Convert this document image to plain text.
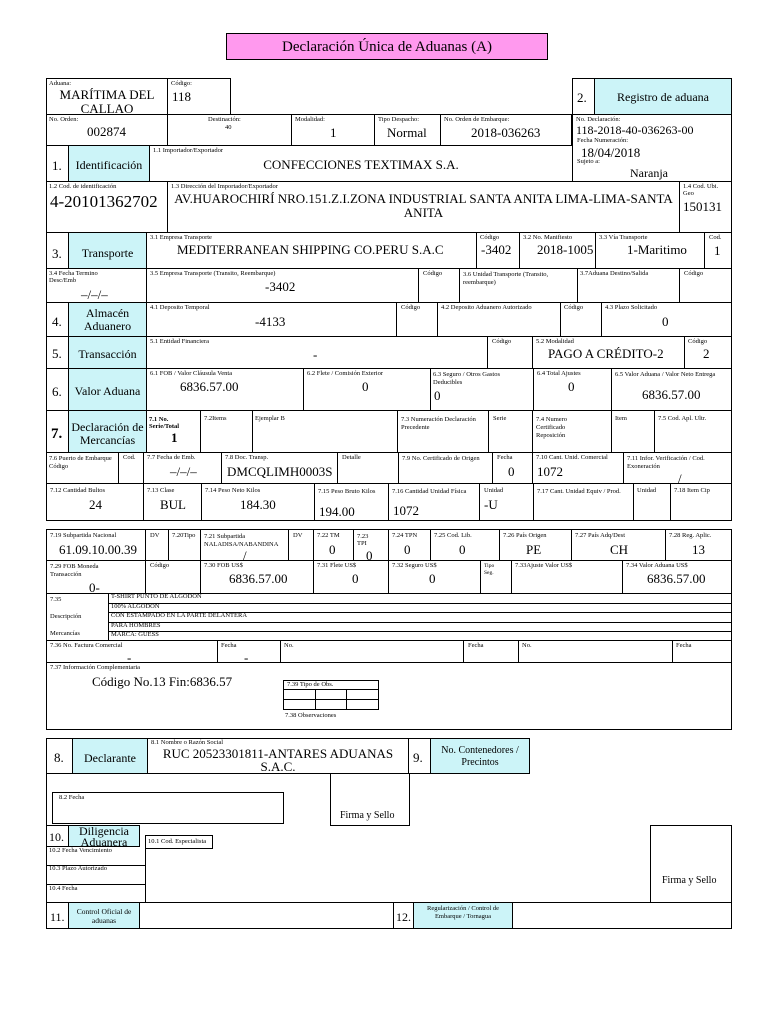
Declaración Única de Aduanas (A)
Aduana:
MARÍTIMA DEL CALLAO
Código:
118	2.	Registro de aduana
No. Orden:
002874
Destinación:
40
Modalidad:
1
Tipo Despacho:
Normal
No. Orden de Embarque:
2018-036263
No. Declaración:
118-2018-40-036263-00
Fecha Numeración:
18/04/2018
Sujeto a:
Naranja
1.	Identificación
1.1 Importador/Exportador
CONFECCIONES TEXTIMAX S.A.
1.2 Cod. de identificación
4-20101362702
1.3 Dirección del Importador/Exportador
AV.HUAROCHIRÍ NRO.151.Z.I.ZONA INDUSTRIAL SANTA ANITA LIMA-LIMA-SANTA ANITA
1.4 Cod. Ubi. Geo
150131
3.	Transporte
3.1 Empresa Transporte
MEDITERRANEAN SHIPPING CO.PERU S.A.C
Código
-3402
3.2 No. Manifiesto
2018-1005
3.3 Vía Transporte
1-Maritimo
Cod.
1
3.4 Fecha Termino Desc/Emb
–/–/–
3.5 Empresa Transporte (Transito, Reembarque)
-3402
Código	3.6 Unidad Transporte (Transito, reembarque)
3.7Aduana Destino/Salida	Código
4.
Almacén Aduanero
4.1 Deposito Temporal
-4133
Código	4.2 Deposito Aduanero Autorizado	Código	4.3 Plazo Solicitado
0
5.	Transacción
5.1 Entidad Financiera
-
Código	5.2 Modalidad
PAGO A CRÉDITO-2
Código
2
6.	Valor Aduana
6.1 FOB / Valor Cláusula Venta
6836.57.00
6.2 Flete / Comisión Exterior
0
6.3 Seguro / Otros Gastos Deducibles
0
6.4 Total Ajustes
0
6.5 Valor Aduana / Valor Neto Entrega
6836.57.00
7. Declaración de Mercancías
7.1 No. Serie/Total
1
7.2Items	Ejemplar B	7.3 Numeración Declaración Precedente
Serie	7.4 Numero Certificado Reposición
Item	7.5 Cod. Apl. Ultr.
7.6 Puerto de Embarque Código
Cod. 7.7 Fecha de Emb.
–/–/–
7.8 Doc. Transp.
DMCQLIMH0003S
Detalle	7.9 No. Certificado de Origen	Fecha
0
7.10 Cant. Unid. Comercial
1072
7.11 Infor. Verificación / Cod. Exoneración
/
7.12 Cantidad Bultos
24
7.13 Clase
BUL
7.14 Peso Neto Kilos
184.30
7.15 Peso Bruto Kilos
194.00
7.16 Cantidad Unidad Física
1072
Unidad
-U
7.17 Cant. Unidad Equiv / Prod.	Unidad	7.18 Item Cip
7.19 Subpartida Nacional
61.09.10.00.39
DV 7.20Tipo 7.21 Subpartida NALADISA/NABANDINA
/
DV 7.22 TM
0
7.23 TPI
0
7.24 TPN
0
7.25 Cod. Lib.
0
7.26 País Origen
PE
7.27 País Adq/Dest
CH
7.28 Reg. Aplic.
13
7.29 FOB Moneda Transacción
0-
Código	7.30 FOB US$
6836.57.00
7.31 Flete US$
0
7.32 Seguro US$
0
Tipo Seg.
7.33Ajuste Valor US$	7.34 Valor Aduana US$
6836.57.00
7.35
Descripción
Mercancías
T-SHIRT PUNTO DE ALGODON
100% ALGODON
CON ESTAMPADO EN LA PARTE DELANTERA
PARA HOMBRES
MARCA: GUESS
7.36 No. Factura Comercial
-
Fecha
-
No.	Fecha	No.	Fecha
7.37 Información Complementaria
Código No.13 Fin:6836.57	7.39 Tipo de Obs.
7.38 Observaciones
8.	Declarante
8.1 Nombre o Razón Social
RUC 20523301811-ANTARES ADUANAS S.A.C.
9.	No. Contenedores / Precintos
8.2 Fecha
Firma y Sello
10.	Diligencia Aduanera	10.1 Cod. Especialista
10.2 Fecha Vencimiento
10.3 Plazo Autorizado
10.4 Fecha
Firma y Sello
11.	Control Oficial de aduanas	12.
Regularización / Control de Embarque / Tornagua
